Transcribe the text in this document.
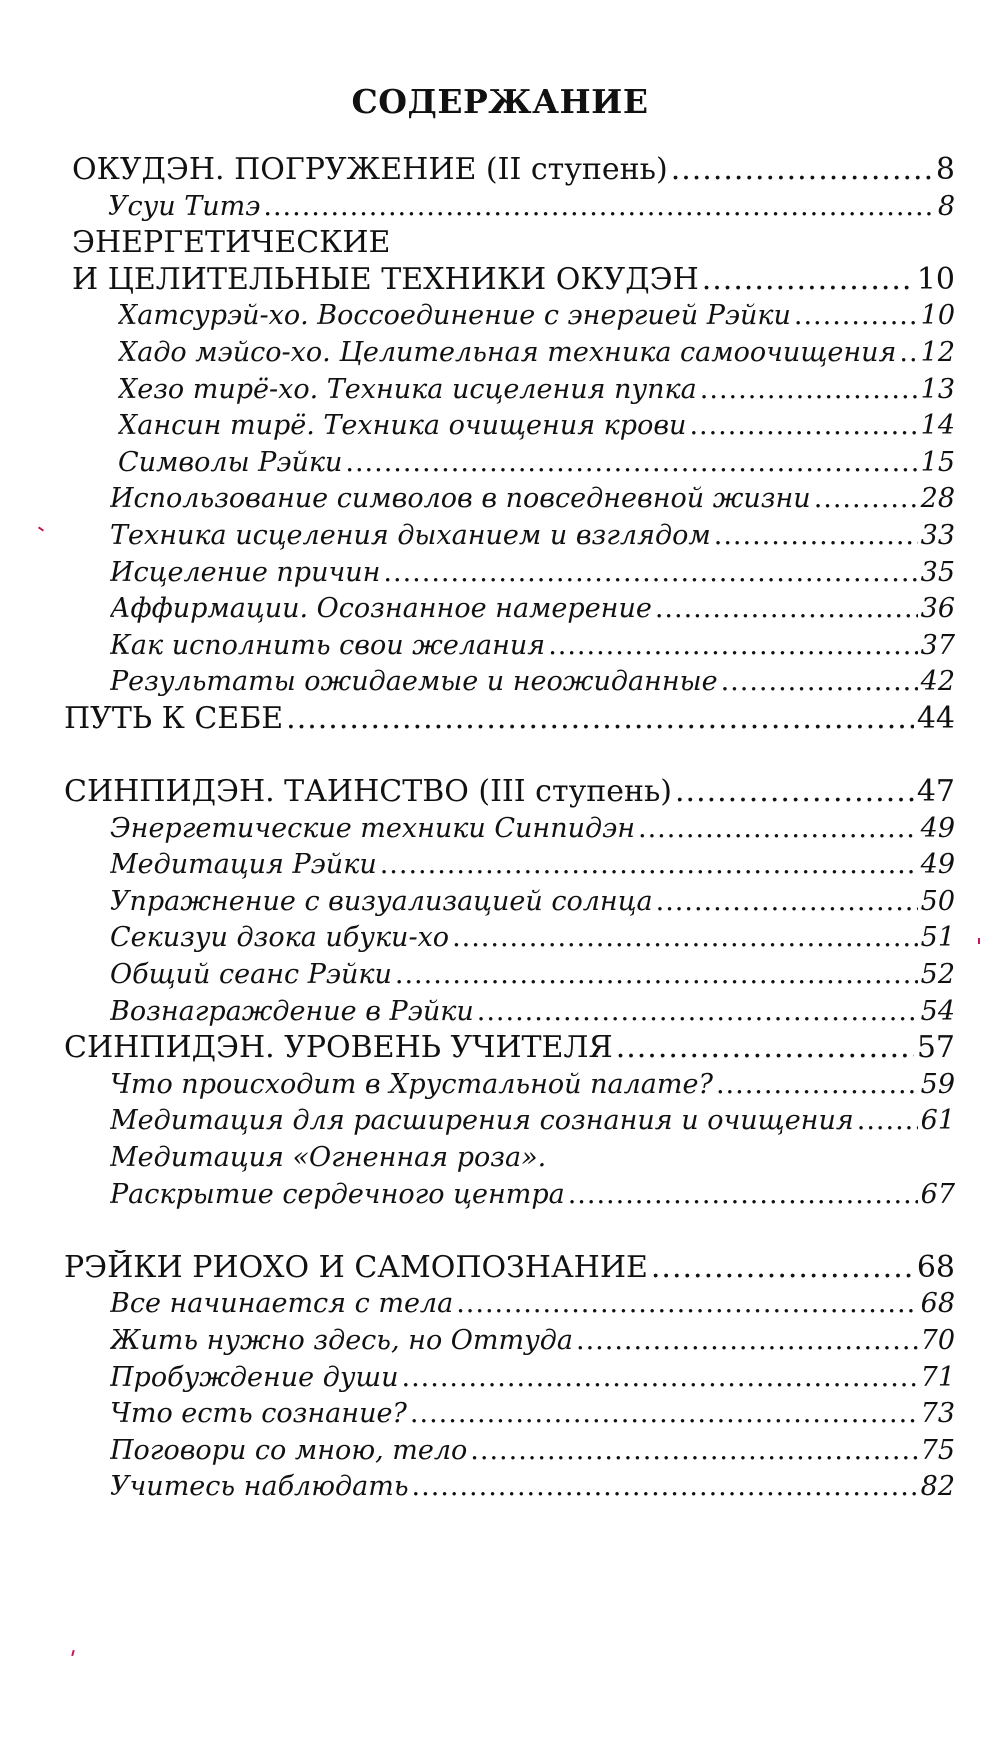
СОДЕРЖАНИЕ
ОКУДЭН. ПОГРУЖЕНИЕ (II ступень) .....	8
Усуи Титэ .....	8
ЭНЕРГЕТИЧЕСКИЕ
И ЦЕЛИТЕЛЬНЫЕ ТЕХНИКИ ОКУДЭН .....	10
Хатсурэй-хо. Воссоединение с энергией Рэйки .....	10
Хадо мэйсо-хо. Целительная техника самоочищения ..... 12
Хезо тирё-хо. Техника исцеления пупка .....	13
Хансин тирё. Техника очищения крови .....	14
Символы Рэйки .....	15
Использование символов в повседневной жизни .....	28
Техника исцеления дыханием и взглядом .....	33
Исцеление причин .....	35
Аффирмации. Осознанное намерение .....	36
Как исполнить свои желания .....	37
Результаты ожидаемые и неожиданные .....	42
ПУТЬ К СЕБЕ .....	44
СИНПИДЭН. ТАИНСТВО (III ступень) .....	47
Энергетические техники Синпидэн .....	49
Медитация Рэйки .....	49
Упражнение с визуализацией солнца .....	50
Секизуи дзока ибуки-хо .....	51
Общий сеанс Рэйки .....	52
Вознаграждение в Рэйки .....	54
СИНПИДЭН. УРОВЕНЬ УЧИТЕЛЯ .....	57
Что происходит в Хрустальной палате? .....	59
Медитация для расширения сознания и очищения ..... 61
Медитация «Огненная роза».
Раскрытие сердечного центра .....	67
РЭЙКИ РИОХО И САМОПОЗНАНИЕ .....	68
Все начинается с тела .....	68
Жить нужно здесь, но Оттуда .....	70
Пробуждение души .....	71
Что есть сознание? .....	73
Поговори со мною, тело .....	75
Учитесь наблюдать .....	82
